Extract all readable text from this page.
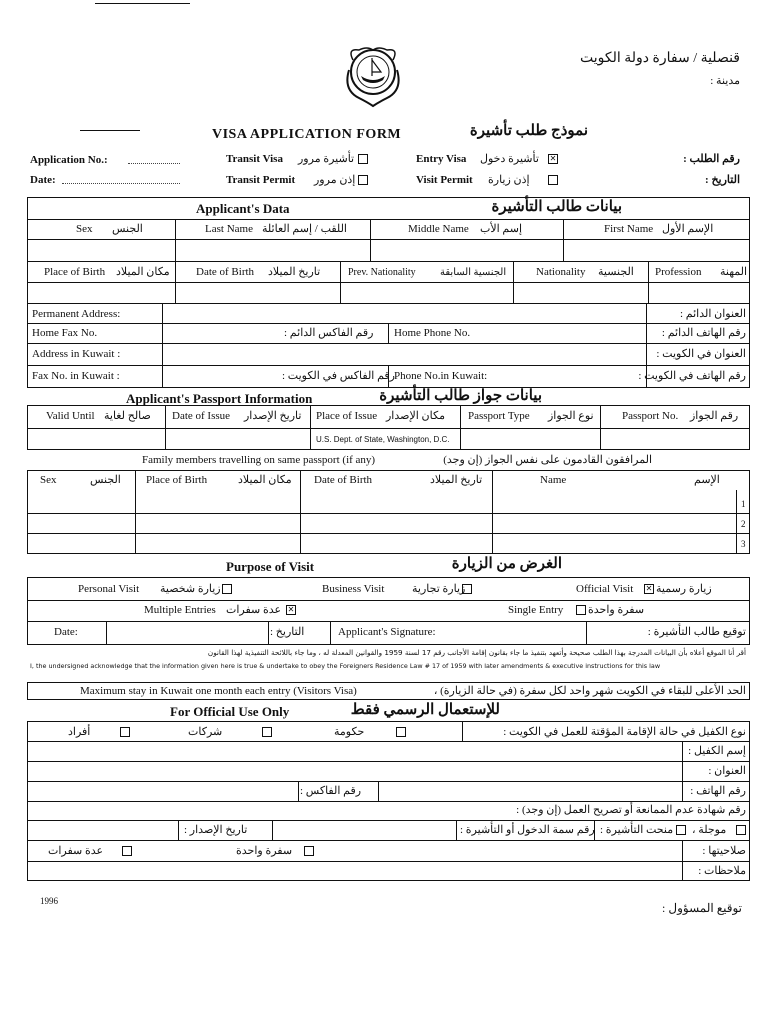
قنصلية / سفارة دولة الكويت
مدينة :
VISA APPLICATION FORM	نموذج طلب تأشيرة
Application No.:
Date:
Transit Visa تأشيرة مرور
Transit Permit إذن مرور
Entry Visa تأشيرة دخول ✕
Visit Permit إذن زيارة
رقم الطلب :
التاريخ :
Applicant's Data	بيانات طالب التأشيرة
Sex الجنس	Last Name اللقب / إسم العائلة	Middle Name إسم الأب	First Name الإسم الأول
Place of Birth مكان الميلاد Date of Birth تاريخ الميلاد	Prev. Nationality الجنسية السابقة	Nationality الجنسية Profession المهنة
Permanent Address:	العنوان الدائم :
Home Fax No.	رقم الفاكس الدائم : Home Phone No.	رقم الهاتف الدائم :
Address in Kuwait :	العنوان في الكويت :
Fax No. in Kuwait :	رقم الفاكس في الكويت : Phone No.in Kuwait:	رقم الهاتف في الكويت :
Applicant's Passport Information	بيانات جواز طالب التأشيرة
Valid Until صالح لغاية Date of Issue تاريخ الإصدار Place of Issue مكان الإصدار
U.S. Dept. of State, Washington, D.C.
Passport Type نوع الجواز	Passport No. رقم الجواز
Family members travelling on same passport (if any)	المرافقون القادمون على نفس الجواز (إن وجد)
Sex	الجنس Place of Birth	مكان الميلاد Date of Birth	تاريخ الميلاد	Name	الإسم
1
2
3
Purpose of Visit	الغرض من الزيارة
Personal Visit زيارة شخصية	Business Visit	زيارة تجارية	Official Visit ✕ زيارة رسمية
Multiple Entries عدة سفرات ✕	Single Entry سفرة واحدة
Date:	التاريخ :	Applicant's Signature:	توقيع طالب التأشيرة :
أقر أنا الموقع أعلاه بأن البيانات المدرجة بهذا الطلب صحيحة وأتعهد بتنفيذ ما جاء بقانون إقامة الأجانب رقم 17 لسنة 1959 والقوانين المعدلة له ، وما جاء باللائحة التنفيذية لهذا القانون
I, the undersigned acknowledge that the information given here is true & undertake to obey the Foreigners Residence Law # 17 of 1959 with later amendments & executive instructions for this law
Maximum stay in Kuwait one month each entry (Visitors Visa)	الحد الأعلى للبقاء في الكويت شهر واحد لكل سفرة (في حالة الزيارة) ،
For Official Use Only	للإستعمال الرسمي فقط
أفراد	شركات	حكومة	نوع الكفيل في حالة الإقامة المؤقتة للعمل في الكويت :
إسم الكفيل :
العنوان :
رقم الهاتف :
رقم الفاكس :
رقم شهادة عدم الممانعة أو تصريح العمل (إن وجد) :
تاريخ الإصدار :	رقم سمة الدخول أو التأشيرة : منحت التأشيرة : موجلة ،
عدة سفرات	سفرة واحدة	صلاحيتها :
ملاحظات :
1996	توقيع المسؤول :
